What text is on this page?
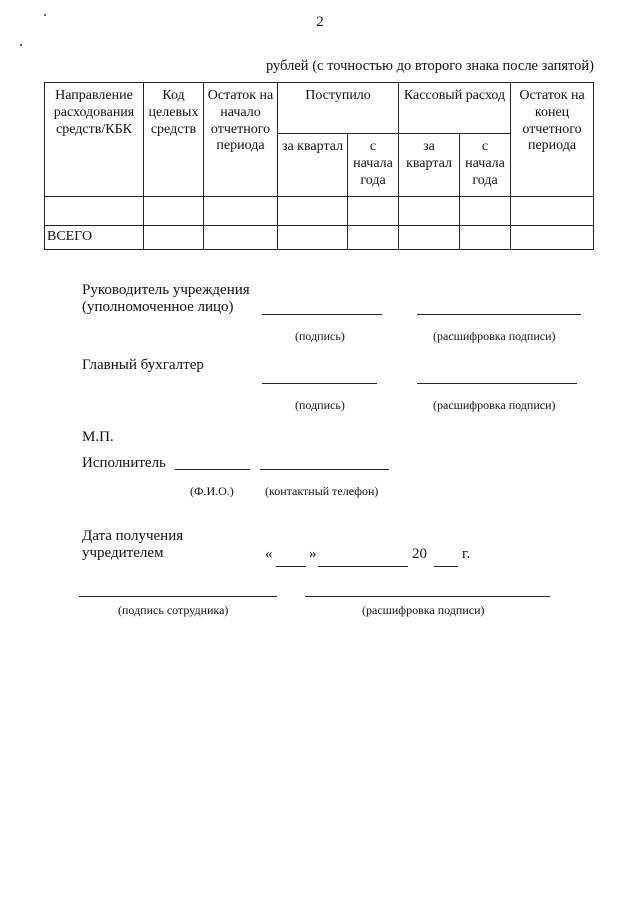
2
рублей (с точностью до второго знака после запятой)
Направление расходования средств/КБК	Код целевых средств	Остаток на начало отчетного периода	Поступило		Кассовый расход		Остаток на конец отчетного периода
			за квартал	с начала года	за квартал	с начала года	

ВСЕГО							
Руководитель учреждения
(уполномоченное лицо)
(подпись)	(расшифровка подписи)
Главный бухгалтер
(подпись)	(расшифровка подписи)
М.П.
Исполнитель
(Ф.И.О.)	(контактный телефон)
Дата получения
учредителем	« »	20 г.
(подпись сотрудника)	(расшифровка подписи)
